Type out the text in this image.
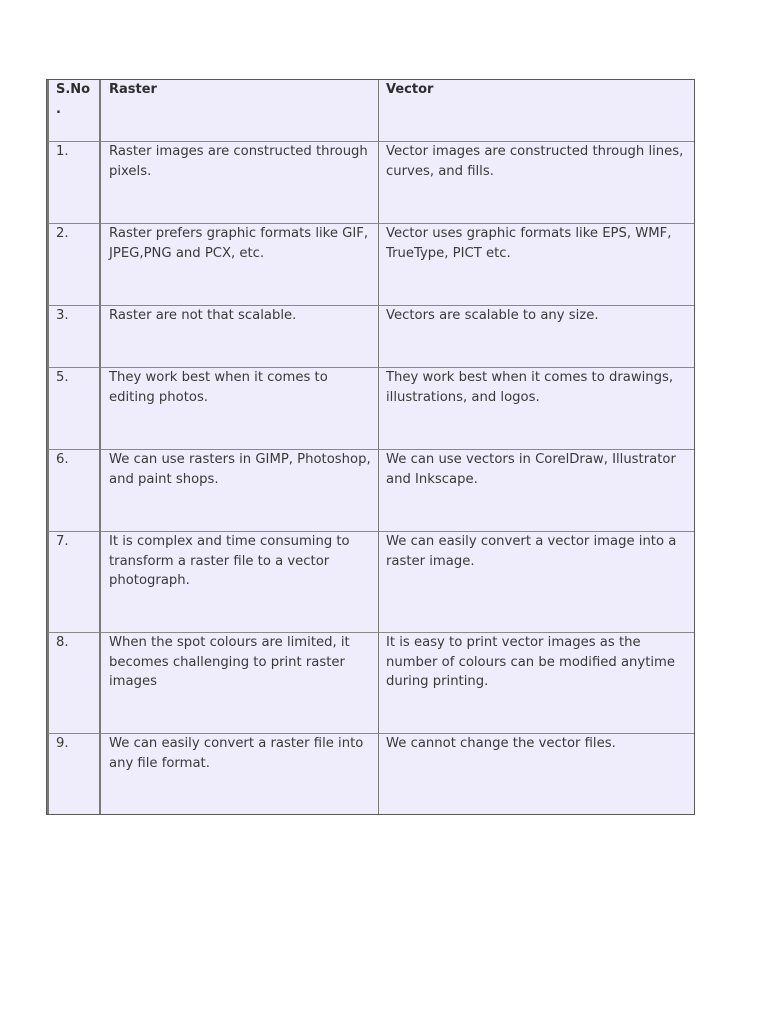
S.No.	Raster	Vector
1.	Raster images are constructed through pixels.	Vector images are constructed through lines, curves, and fills.
2.	Raster prefers graphic formats like GIF, JPEG,PNG and PCX, etc.	Vector uses graphic formats like EPS, WMF, TrueType, PICT etc.
3.	Raster are not that scalable.	Vectors are scalable to any size.
5.	They work best when it comes to editing photos.	They work best when it comes to drawings, illustrations, and logos.
6.	We can use rasters in GIMP, Photoshop, and paint shops.	We can use vectors in CorelDraw, Illustrator and Inkscape.
7.	It is complex and time consuming to transform a raster file to a vector photograph.	We can easily convert a vector image into a raster image.
8.	When the spot colours are limited, it becomes challenging to print raster images	It is easy to print vector images as the number of colours can be modified anytime during printing.
9.	We can easily convert a raster file into any file format.	We cannot change the vector files.
